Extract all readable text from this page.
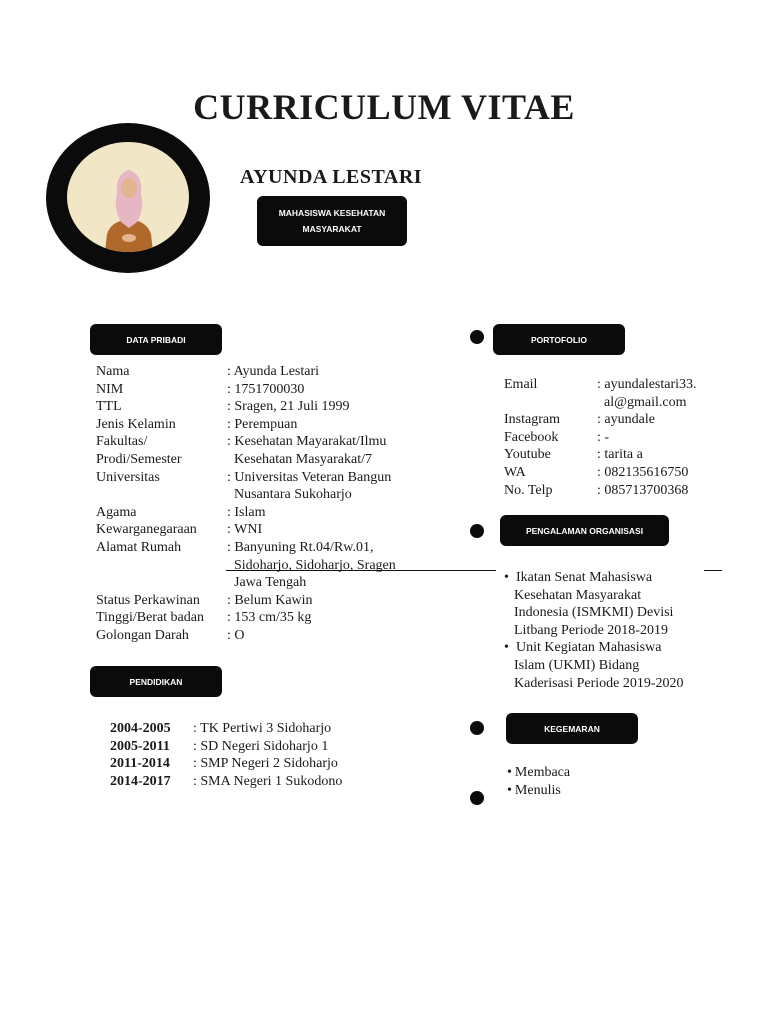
CURRICULUM VITAE
AYUNDA LESTARI
MAHASISWA KESEHATAN
MASYARAKAT
DATA PRIBADI	PORTOFOLIO
PENGALAMAN ORGANISASI
PENDIDIKAN
KEGEMARAN
Nama	: Ayunda Lestari
NIM	: 1751700030
TTL	: Sragen, 21 Juli 1999
Jenis Kelamin	: Perempuan
Fakultas/	: Kesehatan Mayarakat/Ilmu
Prodi/Semester	Kesehatan Masyarakat/7
Universitas	: Universitas Veteran Bangun
Nusantara Sukoharjo
Agama	: Islam
Kewarganegaraan : WNI
Alamat Rumah	: Banyuning Rt.04/Rw.01,
Sidoharjo, Sidoharjo, Sragen
Jawa Tengah
Status Perkawinan : Belum Kawin
Tinggi/Berat badan : 153 cm/35 kg
Golongan Darah	: O
Email	: ayundalestari33.
al@gmail.com
Instagram	: ayundale
Facebook	: -
Youtube	: tarita a
WA	: 082135616750
No. Telp	: 085713700368
• Ikatan Senat Mahasiswa
Kesehatan Masyarakat
Indonesia (ISMKMI) Devisi
Litbang Periode 2018-2019
• Unit Kegiatan Mahasiswa
Islam (UKMI) Bidang
Kaderisasi Periode 2019-2020
2004-2005 : TK Pertiwi 3 Sidoharjo
2005-2011 : SD Negeri Sidoharjo 1
2011-2014 : SMP Negeri 2 Sidoharjo
2014-2017 : SMA Negeri 1 Sukodono
• Membaca
• Menulis
